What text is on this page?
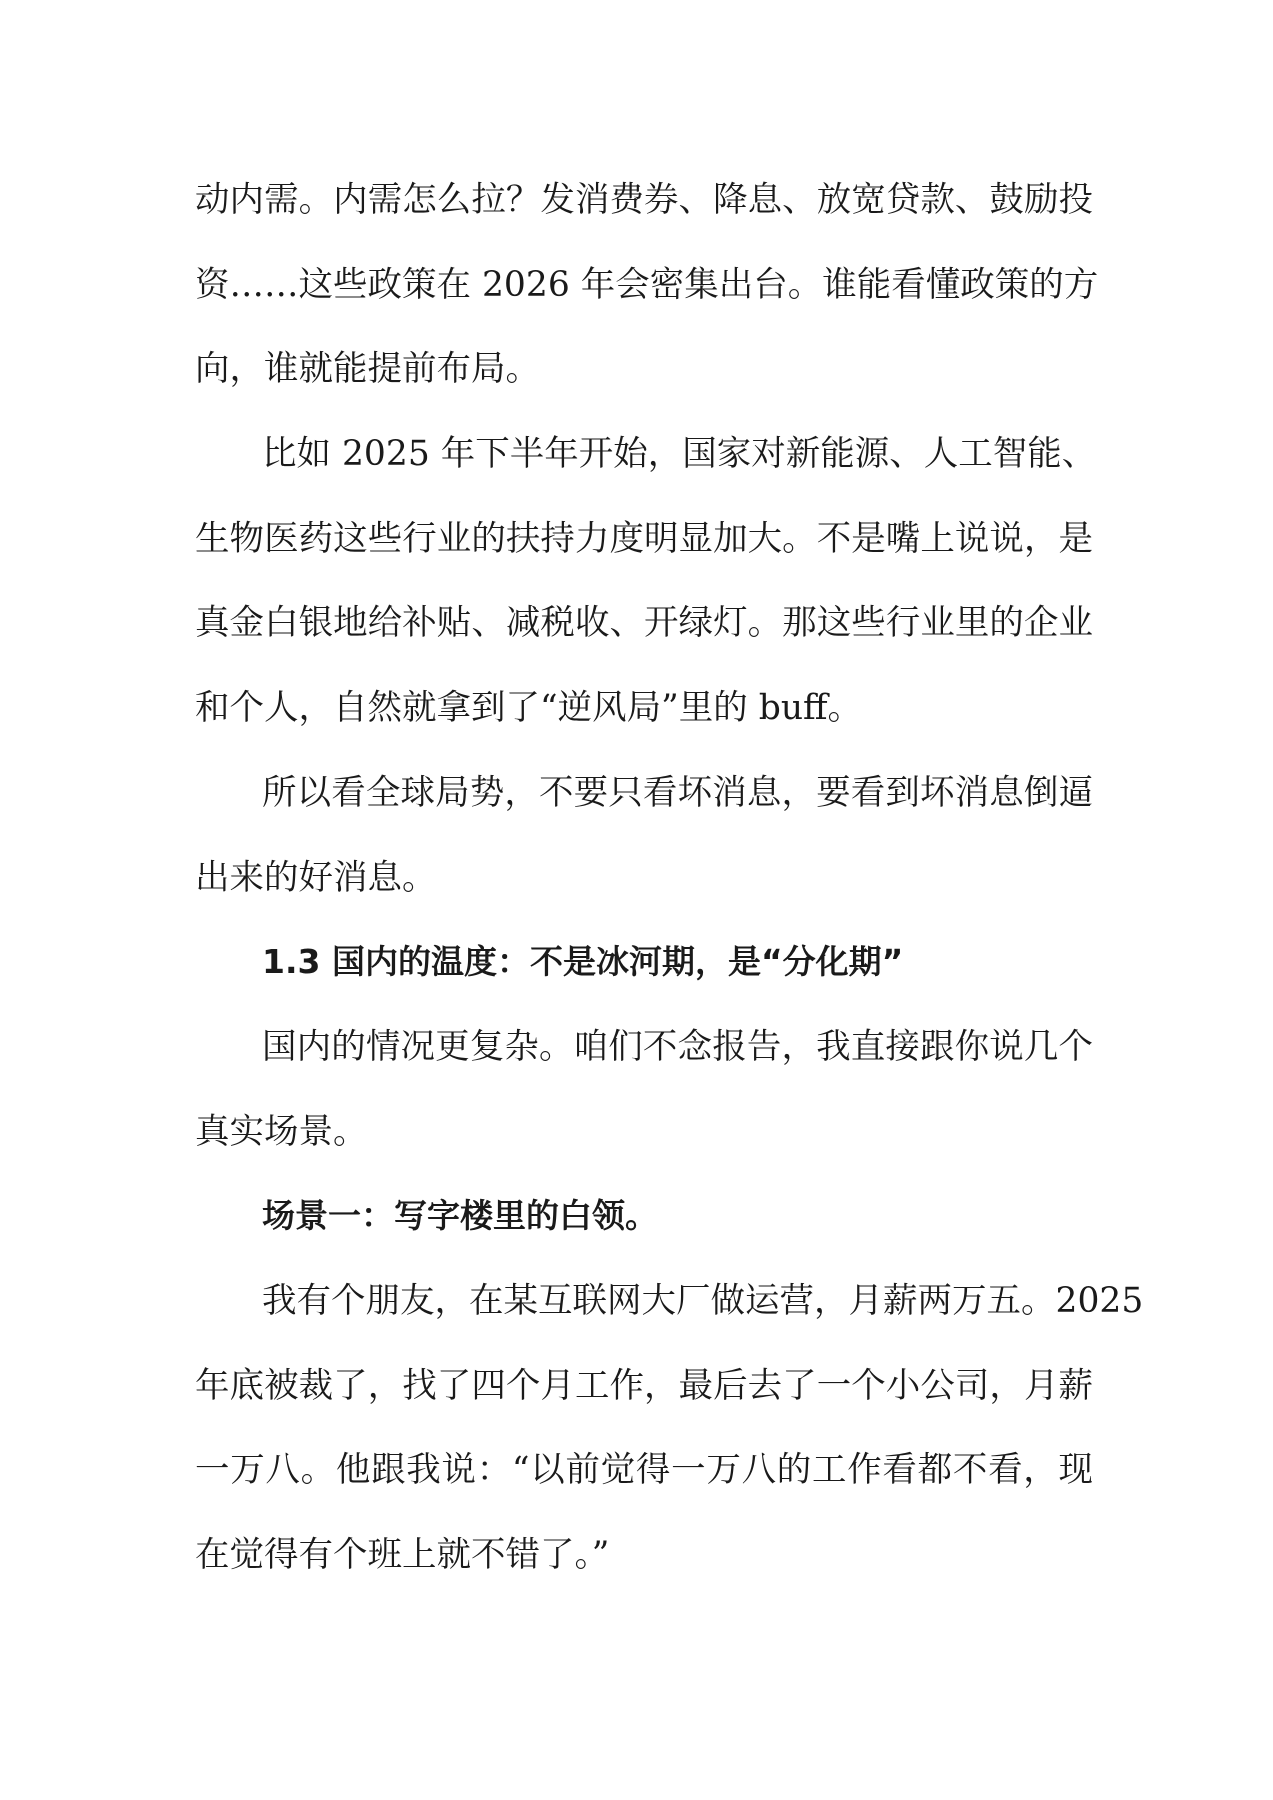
动内需。内需怎么拉？发消费券、降息、放宽贷款、鼓励投
资……这些政策在 2026 年会密集出台。谁能看懂政策的方
向，谁就能提前布局。
比如 2025 年下半年开始，国家对新能源、人工智能、
生物医药这些行业的扶持力度明显加大。不是嘴上说说，是
真金白银地给补贴、减税收、开绿灯。那这些行业里的企业
和个人，自然就拿到了“逆风局”里的 buff。
所以看全球局势，不要只看坏消息，要看到坏消息倒逼
出来的好消息。
1.3 国内的温度：不是冰河期，是“分化期”
国内的情况更复杂。咱们不念报告，我直接跟你说几个
真实场景。
场景一：写字楼里的白领。
我有个朋友，在某互联网大厂做运营，月薪两万五。2025
年底被裁了，找了四个月工作，最后去了一个小公司，月薪
一万八。他跟我说：“以前觉得一万八的工作看都不看，现
在觉得有个班上就不错了。”
